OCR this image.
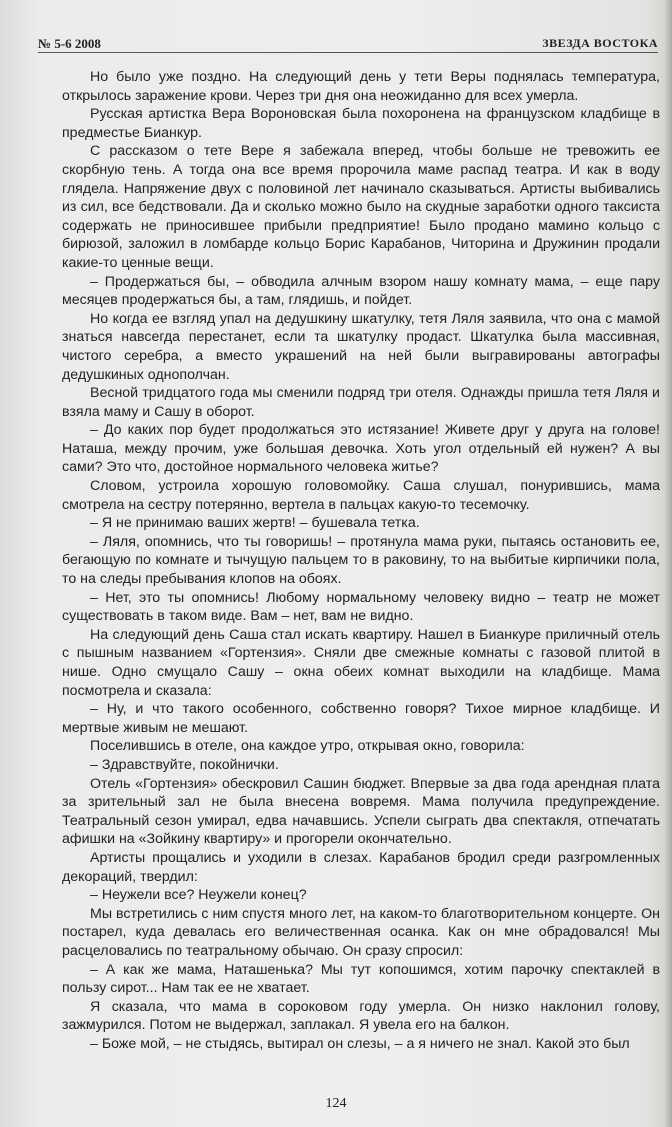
№ 5-6 2008	ЗВЕЗДА ВОСТОКА

Но было уже поздно. На следующий день у тети Веры поднялась температура, открылось заражение крови. Через три дня она неожиданно для всех умерла.

Русская артистка Вера Вороновская была похоронена на французском кладбище в предместье Бианкур.

С рассказом о тете Вере я забежала вперед, чтобы больше не тревожить ее скорбную тень. А тогда она все время пророчила маме распад театра. И как в воду глядела. Напряжение двух с половиной лет начинало сказываться. Артисты выбивались из сил, все бедствовали. Да и сколько можно было на скудные заработки одного таксиста содержать не приносившее прибыли предприятие! Было продано мамино кольцо с бирюзой, заложил в ломбарде кольцо Борис Карабанов, Читорина и Дружинин продали какие-то ценные вещи.

– Продержаться бы, – обводила алчным взором нашу комнату мама, – еще пару месяцев продержаться бы, а там, глядишь, и пойдет.

Но когда ее взгляд упал на дедушкину шкатулку, тетя Ляля заявила, что она с мамой знаться навсегда перестанет, если та шкатулку продаст. Шкатулка была массивная, чистого серебра, а вместо украшений на ней были выгравированы автографы дедушкиных однополчан.

Весной тридцатого года мы сменили подряд три отеля. Однажды пришла тетя Ляля и взяла маму и Сашу в оборот.

– До каких пор будет продолжаться это истязание! Живете друг у друга на голове! Наташа, между прочим, уже большая девочка. Хоть угол отдельный ей нужен? А вы сами? Это что, достойное нормального человека житье?

Словом, устроила хорошую головомойку. Саша слушал, понурившись, мама смотрела на сестру потерянно, вертела в пальцах какую-то тесемочку.

– Я не принимаю ваших жертв! – бушевала тетка.

– Ляля, опомнись, что ты говоришь! – протянула мама руки, пытаясь остановить ее, бегающую по комнате и тычущую пальцем то в раковину, то на выбитые кирпичики пола, то на следы пребывания клопов на обоях.

– Нет, это ты опомнись! Любому нормальному человеку видно – театр не может существовать в таком виде. Вам – нет, вам не видно.

На следующий день Саша стал искать квартиру. Нашел в Бианкуре приличный отель с пышным названием «Гортензия». Сняли две смежные комнаты с газовой плитой в нише. Одно смущало Сашу – окна обеих комнат выходили на кладбище. Мама посмотрела и сказала:

– Ну, и что такого особенного, собственно говоря? Тихое мирное кладбище. И мертвые живым не мешают.

Поселившись в отеле, она каждое утро, открывая окно, говорила:

– Здравствуйте, покойнички.

Отель «Гортензия» обескровил Сашин бюджет. Впервые за два года арендная плата за зрительный зал не была внесена вовремя. Мама получила предупреждение. Театральный сезон умирал, едва начавшись. Успели сыграть два спектакля, отпечатать афишки на «Зойкину квартиру» и прогорели окончательно.

Артисты прощались и уходили в слезах. Карабанов бродил среди разгромленных декораций, твердил:

– Неужели все? Неужели конец?

Мы встретились с ним спустя много лет, на каком-то благотворительном концерте. Он постарел, куда девалась его величественная осанка. Как он мне обрадовался! Мы расцеловались по театральному обычаю. Он сразу спросил:

– А как же мама, Наташенька? Мы тут копошимся, хотим парочку спектаклей в пользу сирот... Нам так ее не хватает.

Я сказала, что мама в сороковом году умерла. Он низко наклонил голову, зажмурился. Потом не выдержал, заплакал. Я увела его на балкон.

– Боже мой, – не стыдясь, вытирал он слезы, – а я ничего не знал. Какой это был

124
